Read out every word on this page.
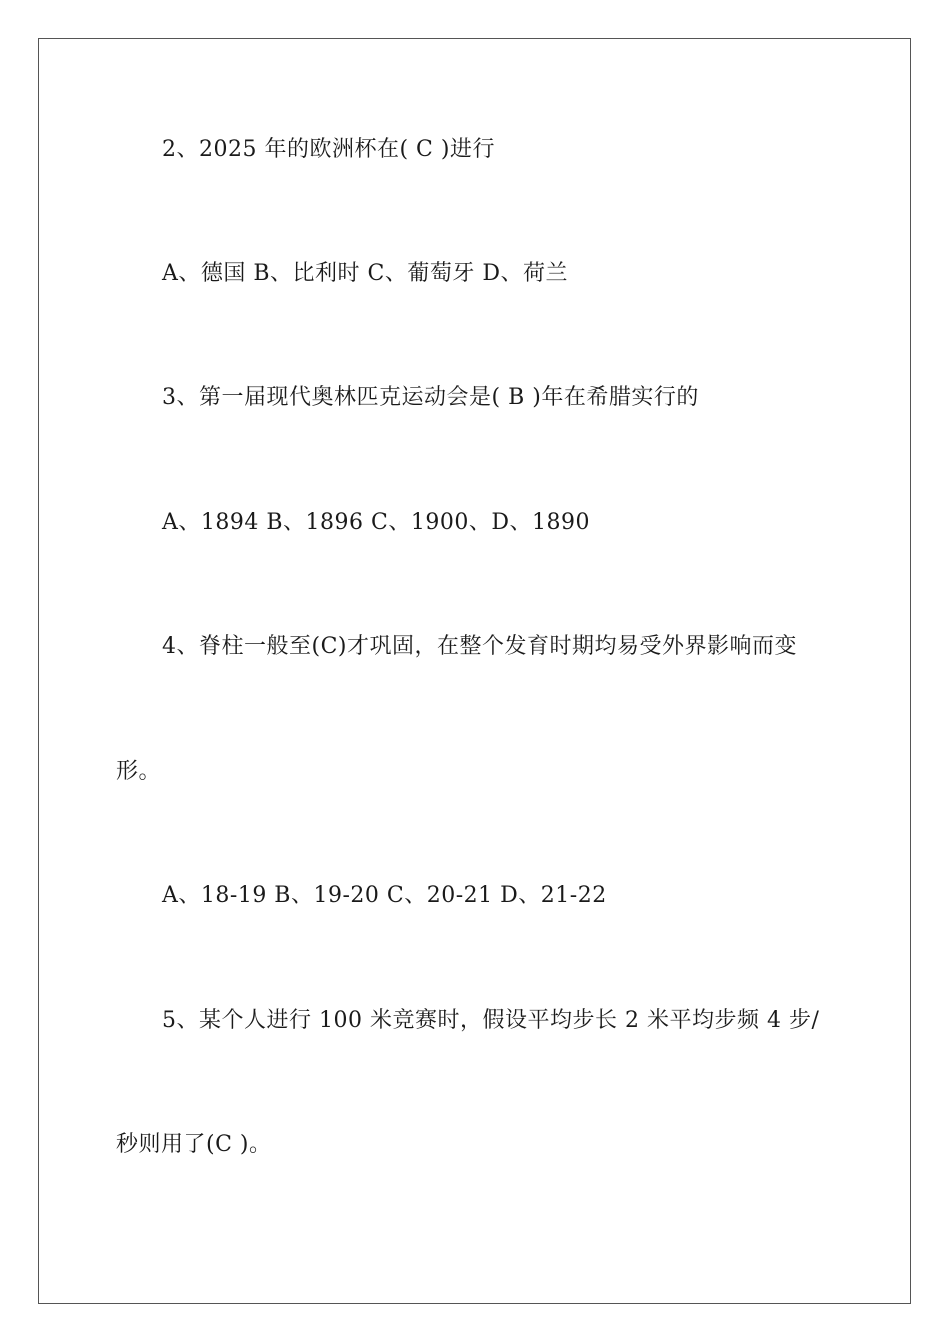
2、2025 年的欧洲杯在( C )进行
A、德国 B、比利时 C、葡萄牙 D、荷兰
3、第一届现代奥林匹克运动会是( B )年在希腊实行的
A、1894 B、1896 C、1900、D、1890
4、脊柱一般至(C)才巩固，在整个发育时期均易受外界影响而变
形。
A、18-19 B、19-20 C、20-21 D、21-22
5、某个人进行 100 米竞赛时，假设平均步长 2 米平均步频 4 步/
秒则用了(C )。
